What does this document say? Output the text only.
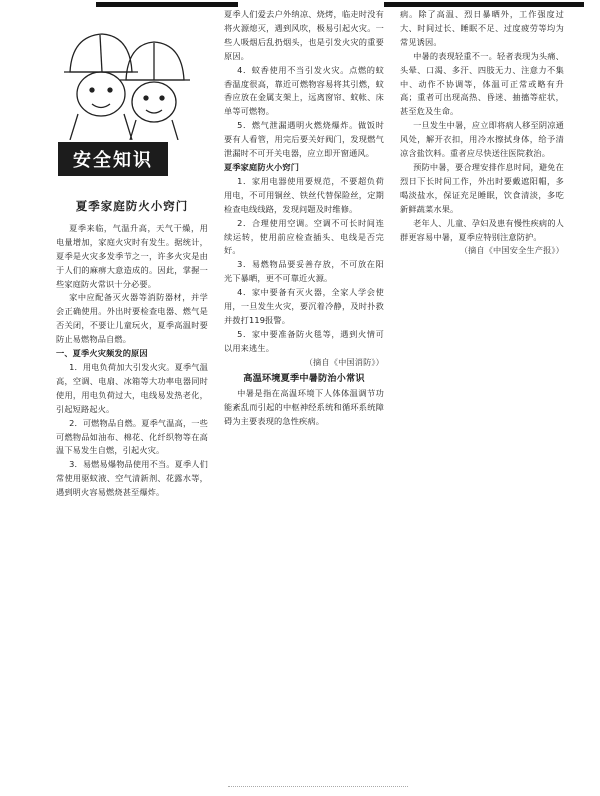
安全知识
夏季家庭防火小窍门

夏季来临，气温升高，天气干燥，用电量增加，家庭火灾时有发生。据统计，夏季是火灾多发季节之一，许多火灾是由于人们的麻痹大意造成的。因此，掌握一些家庭防火常识十分必要。

家中应配备灭火器等消防器材，并学会正确使用。外出时要检查电器、燃气是否关闭，不要让儿童玩火，夏季高温时要防止易燃物品自燃。

一、夏季火灾频发的原因

1．用电负荷加大引发火灾。夏季气温高，空调、电扇、冰箱等大功率电器同时使用，用电负荷过大，电线易发热老化，引起短路起火。

2．可燃物品自燃。夏季气温高，一些可燃物品如油布、棉花、化纤织物等在高温下易发生自燃，引起火灾。

3．易燃易爆物品使用不当。夏季人们常使用驱蚊液、空气清新剂、花露水等，遇到明火容易燃烧甚至爆炸。

夏季人们爱去户外纳凉、烧烤，临走时没有将火源熄灭，遇到风吹，极易引起火灾。一些人吸烟后乱扔烟头，也是引发火灾的重要原因。

4．蚊香使用不当引发火灾。点燃的蚊香温度很高，靠近可燃物容易将其引燃，蚊香应放在金属支架上，远离窗帘、蚊帐、床单等可燃物。

5．燃气泄漏遇明火燃烧爆炸。做饭时要有人看管，用完后要关好阀门，发现燃气泄漏时不可开关电器，应立即开窗通风。

夏季家庭防火小窍门

1．家用电器使用要规范，不要超负荷用电，不可用铜丝、铁丝代替保险丝，定期检查电线线路，发现问题及时维修。

2．合理使用空调。空调不可长时间连续运转，使用前应检查插头、电线是否完好。

3．易燃物品要妥善存放，不可放在阳光下暴晒，更不可靠近火源。

4．家中要备有灭火器，全家人学会使用，一旦发生火灾，要沉着冷静，及时扑救并拨打119报警。

5．家中要准备防火毯等，遇到火情可以用来逃生。

（摘自《中国消防》）

高温环境夏季中暑防治小常识

中暑是指在高温环境下人体体温调节功能紊乱而引起的中枢神经系统和循环系统障碍为主要表现的急性疾病。

病。除了高温、烈日暴晒外，工作强度过大、时间过长、睡眠不足、过度疲劳等均为常见诱因。

中暑的表现轻重不一。轻者表现为头痛、头晕、口渴、多汗、四肢无力、注意力不集中、动作不协调等，体温可正常或略有升高；重者可出现高热、昏迷、抽搐等症状，甚至危及生命。

一旦发生中暑，应立即将病人移至阴凉通风处，解开衣扣，用冷水擦拭身体，给予清凉含盐饮料。重者应尽快送往医院救治。

预防中暑，要合理安排作息时间，避免在烈日下长时间工作，外出时要戴遮阳帽，多喝淡盐水，保证充足睡眠，饮食清淡，多吃新鲜蔬菜水果。

老年人、儿童、孕妇及患有慢性疾病的人群更容易中暑，夏季应特别注意防护。

（摘自《中国安全生产报》）
